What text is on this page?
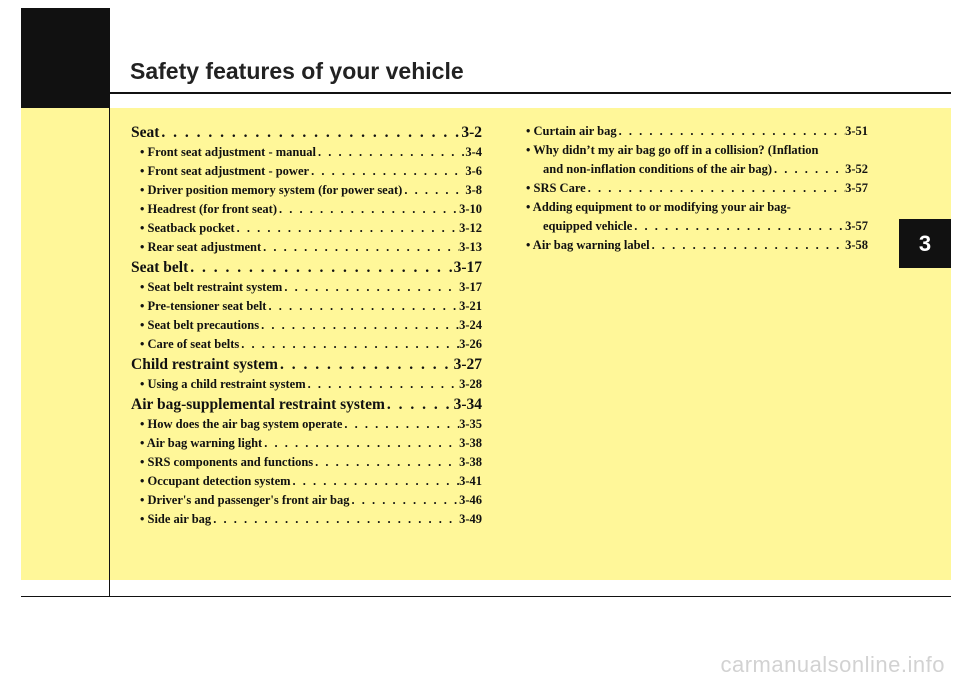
Safety features of your vehicle
3
Seat . . .	3-2
• Front seat adjustment - manual . . .	3-4
• Front seat adjustment - power . . .	3-6
• Driver position memory system (for power seat) . . .	3-8
• Headrest (for front seat) . . .	3-10
• Seatback pocket . . .	3-12
• Rear seat adjustment . . .	3-13
Seat belt . . .	3-17
• Seat belt restraint system . . .	3-17
• Pre-tensioner seat belt . . .	3-21
• Seat belt precautions . . .	3-24
• Care of seat belts . . .	3-26
Child restraint system . . .	3-27
• Using a child restraint system . . .	3-28
Air bag-supplemental restraint system . . .	3-34
• How does the air bag system operate . . .	3-35
• Air bag warning light . . .	3-38
• SRS components and functions . . .	3-38
• Occupant detection system . . .	3-41
• Driver's and passenger's front air bag . . .	3-46
• Side air bag . . .	3-49
• Curtain air bag . . .	3-51
• Why didn’t my air bag go off in a collision? (Inflation
and non-inflation conditions of the air bag) . . .	3-52
• SRS Care . . .	3-57
• Adding equipment to or modifying your air bag-
equipped vehicle . . .	3-57
• Air bag warning label . . .	3-58
carmanualsonline.info
